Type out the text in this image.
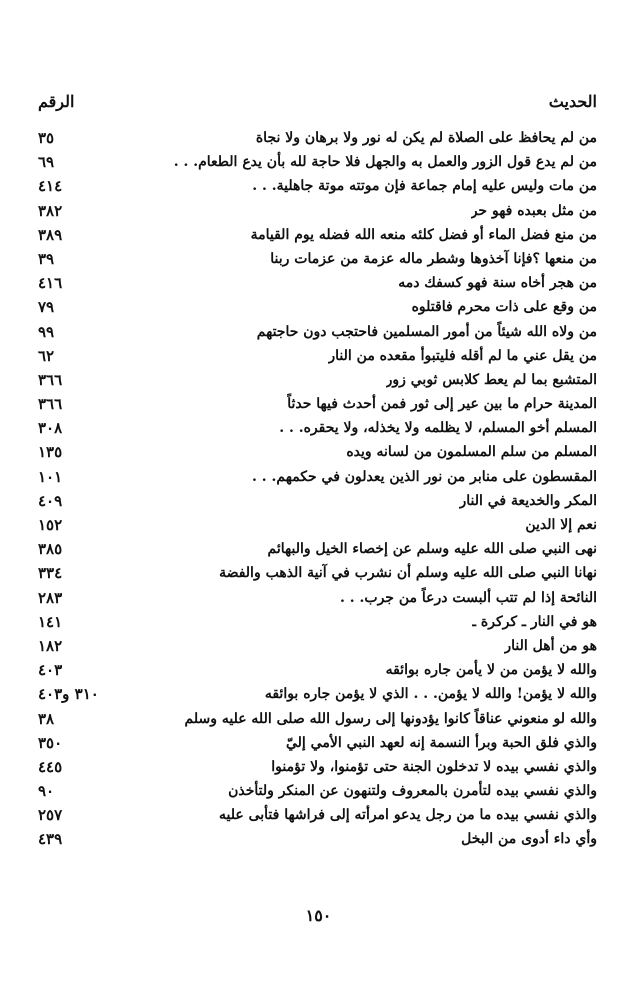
الحديث
الرقم
من لم يحافظ على الصلاة لم يكن له نور ولا برهان ولا نجاة
٣٥
من لم يدع قول الزور والعمل به والجهل فلا حاجة لله بأن يدع الطعام. . .
٦٩
من مات وليس عليه إمام جماعة فإن موتته موتة جاهلية. . .
٤١٤
من مثل بعبده فهو حر
٣٨٢
من منع فضل الماء أو فضل كلئه منعه الله فضله يوم القيامة
٣٨٩
من منعها ؟فإنا آخذوها وشطر ماله عزمة من عزمات ربنا
٣٩
من هجر أخاه سنة فهو كسفك دمه
٤١٦
من وقع على ذات محرم فاقتلوه
٧٩
من ولاه الله شيئاً من أمور المسلمين فاحتجب دون حاجتهم
٩٩
من يقل عني ما لم أقله فليتبوأ مقعده من النار
٦٢
المتشبع بما لم يعط كلابس ثوبي زور
٣٦٦
المدينة حرام ما بين عير إلى ثور فمن أحدث فيها حدثاً
٣٦٦
المسلم أخو المسلم، لا يظلمه ولا يخذله، ولا يحقره. . .
٣٠٨
المسلم من سلم المسلمون من لسانه ويده
١٣٥
المقسطون على منابر من نور الذين يعدلون في حكمهم. . .
١٠١
المكر والخديعة في النار
٤٠٩
نعم إلا الدين
١٥٢
نهى النبي صلى الله عليه وسلم عن إخصاء الخيل والبهائم
٣٨٥
نهانا النبي صلى الله عليه وسلم أن نشرب في آنية الذهب والفضة
٣٣٤
النائحة إذا لم تتب ألبست درعاً من جرب. . .
٢٨٣
هو في النار ـ كركرة ـ
١٤١
هو من أهل النار
١٨٢
والله لا يؤمن من لا يأمن جاره بوائقه
٤٠٣
والله لا يؤمن! والله لا يؤمن. . . الذي لا يؤمن جاره بوائقه
٣١٠ و٤٠٣
والله لو منعوني عناقاً كانوا يؤدونها إلى رسول الله صلى الله عليه وسلم
٣٨
والذي فلق الحبة وبرأ النسمة إنه لعهد النبي الأمي إليّ
٣٥٠
والذي نفسي بيده لا تدخلون الجنة حتى تؤمنوا، ولا تؤمنوا
٤٤٥
والذي نفسي بيده لتأمرن بالمعروف ولتنهون عن المنكر ولتأخذن
٩٠
والذي نفسي بيده ما من رجل يدعو امرأته إلى فراشها فتأبى عليه
٢٥٧
وأي داء أدوى من البخل
٤٣٩
١٥٠
